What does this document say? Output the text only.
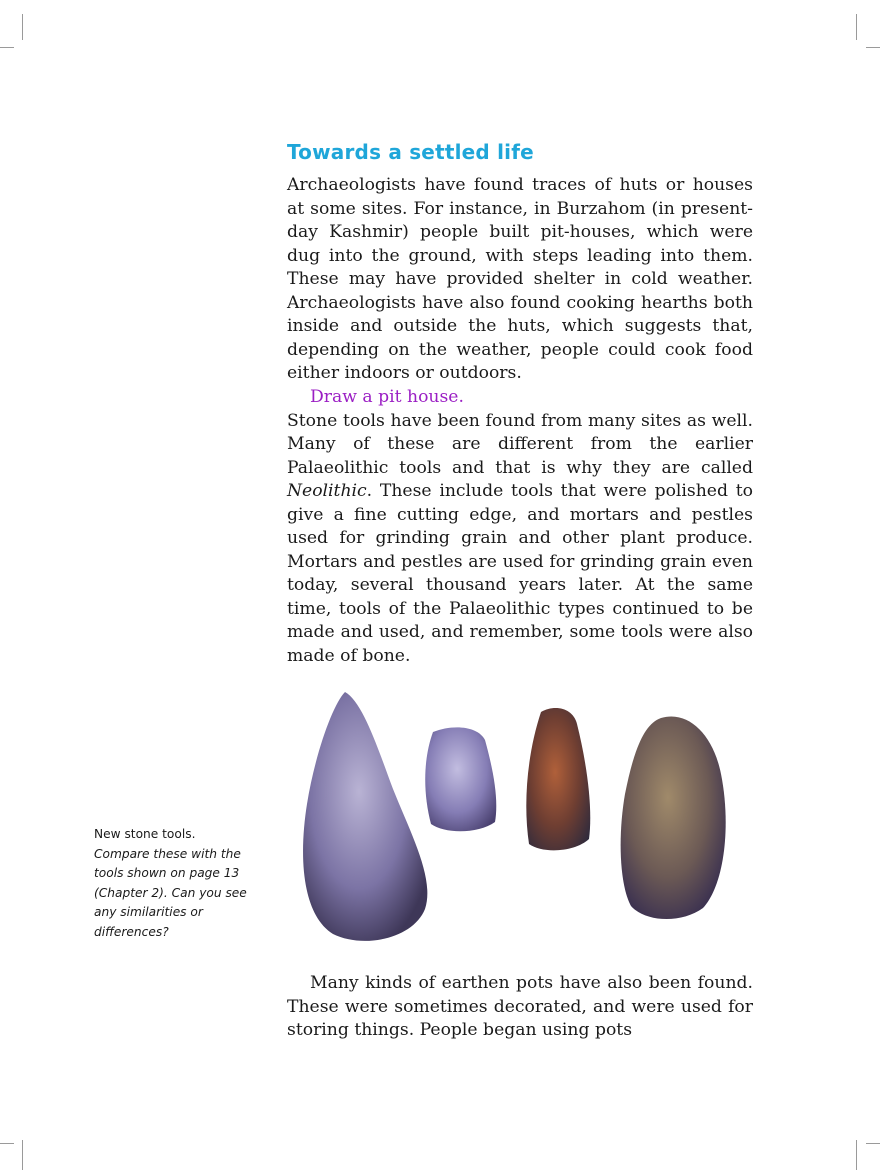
Towards a settled life

Archaeologists have found traces of huts or houses at some sites. For instance, in Burzahom (in present-day Kashmir) people built pit-houses, which were dug into the ground, with steps leading into them. These may have provided shelter in cold weather. Archaeologists have also found cooking hearths both inside and outside the huts, which suggests that, depending on the weather, people could cook food either indoors or outdoors.

Draw a pit house.
Stone tools have been found from many sites as well. Many of these are different from the earlier Palaeolithic tools and that is why they are called Neolithic. These include tools that were polished to give a fine cutting edge, and mortars and pestles used for grinding grain and other plant produce. Mortars and pestles are used for grinding grain even today, several thousand years later. At the same time, tools of the Palaeolithic types continued to be made and used, and remember, some tools were also made of bone.

New stone tools.
Compare these with the tools shown on page 13 (Chapter 2). Can you see any similarities or differences?

Many kinds of earthen pots have also been found. These were sometimes decorated, and were used for storing things. People began using pots
